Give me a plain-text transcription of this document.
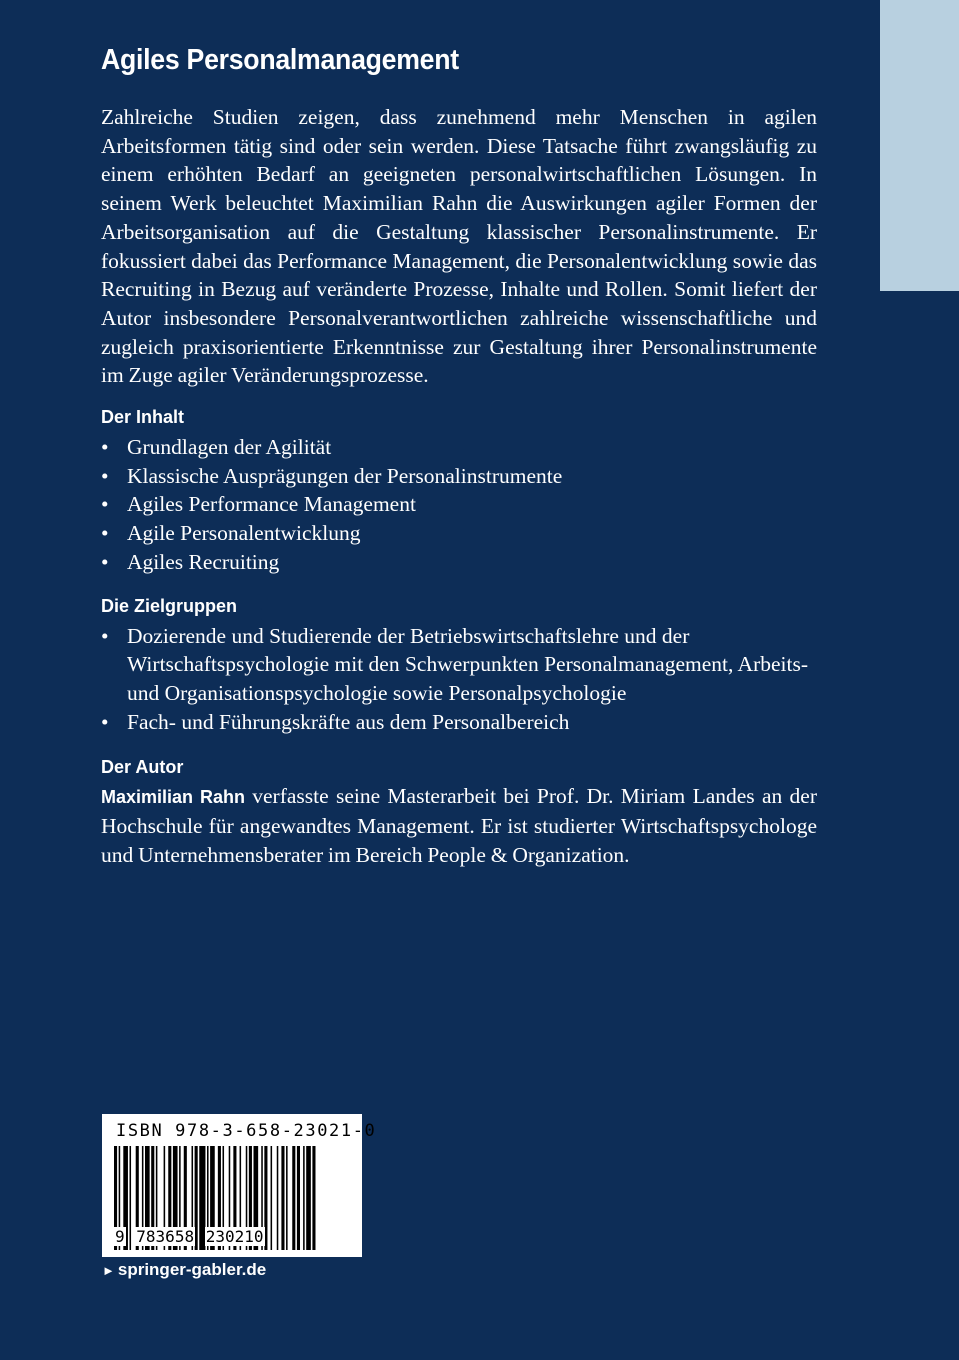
Agiles Personalmanagement

Zahlreiche Studien zeigen, dass zunehmend mehr Menschen in agilen Arbeitsformen tätig sind oder sein werden. Diese Tatsache führt zwangsläufig zu einem erhöhten Bedarf an geeigneten personalwirtschaftlichen Lösungen. In seinem Werk beleuchtet Maximilian Rahn die Auswirkungen agiler Formen der Arbeitsorganisation auf die Gestaltung klassischer Personalinstrumente. Er fokussiert dabei das Performance Management, die Personalentwicklung sowie das Recruiting in Bezug auf veränderte Prozesse, Inhalte und Rollen. Somit liefert der Autor insbesondere Personalverantwortlichen zahlreiche wissenschaftliche und zugleich praxisorientierte Erkenntnisse zur Gestaltung ihrer Personalinstrumente im Zuge agiler Veränderungsprozesse.

Der Inhalt
• Grundlagen der Agilität
• Klassische Ausprägungen der Personalinstrumente
• Agiles Performance Management
• Agile Personalentwicklung
• Agiles Recruiting
Die Zielgruppen
• Dozierende und Studierende der Betriebswirtschaftslehre und der Wirtschaftspsychologie mit den Schwerpunkten Personalmanagement, Arbeits- und Organisationspsychologie sowie Personalpsychologie
• Fach- und Führungskräfte aus dem Personalbereich
Der Autor

Maximilian Rahn verfasste seine Masterarbeit bei Prof. Dr. Miriam Landes an der Hochschule für angewandtes Management. Er ist studierter Wirtschaftspsychologe und Unternehmensberater im Bereich People & Organization.

ISBN 978-3-658-23021-0
9 783658 230210
► springer-gabler.de
